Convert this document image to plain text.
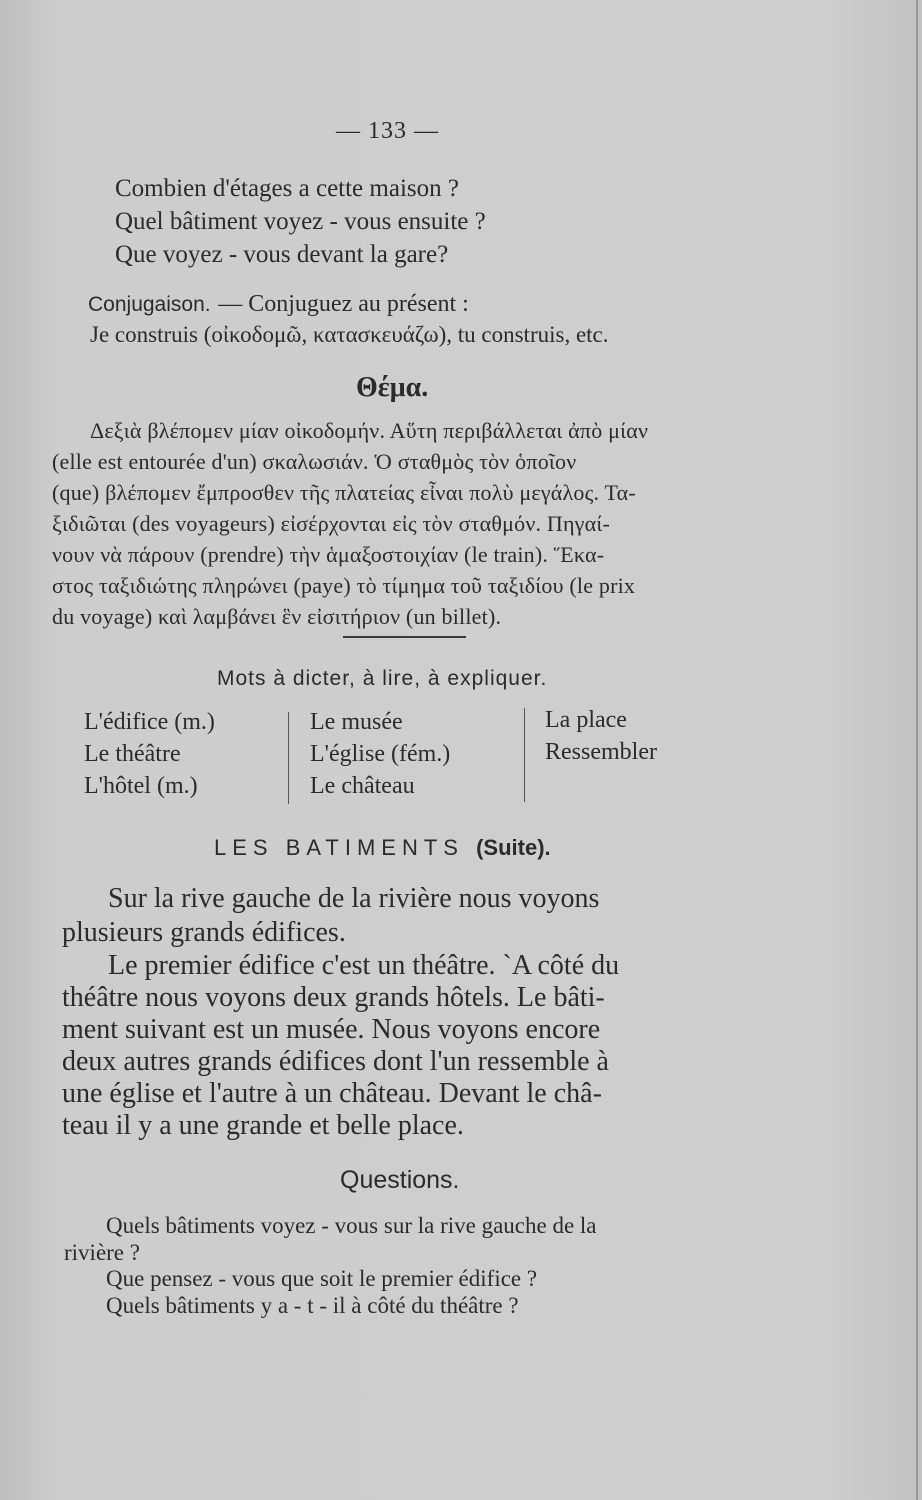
— 133 —
Combien d'étages a cette maison ?
Quel bâtiment voyez - vous ensuite ?
Que voyez - vous devant la gare?
Conjugaison. — Conjuguez au présent :
Je construis (οἰκοδομῶ, κατασκευάζω), tu construis, etc.
Θέμα.
Δεξιὰ βλέπομεν μίαν οἰκοδομήν. Αὕτη περιβάλλεται ἀπὸ μίαν
(elle est entourée d'un) σκαλωσιάν. Ὁ σταθμὸς τὸν ὁποῖον
(que) βλέπομεν ἔμπροσθεν τῆς πλατείας εἶναι πολὺ μεγάλος. Τα-
ξιδιῶται (des voyageurs) εἰσέρχονται εἰς τὸν σταθμόν. Πηγαί-
νουν νὰ πάρουν (prendre) τὴν ἁμαξοστοιχίαν (le train). Ἕκα-
στος ταξιδιώτης πληρώνει (paye) τὸ τίμημα τοῦ ταξιδίου (le prix
du voyage) καὶ λαμβάνει ἓν εἰσιτήριον (un billet).
Mots à dicter, à lire, à expliquer.
L'édifice (m.)
Le théâtre
L'hôtel (m.)
Le musée
L'église (fém.)
Le château
La place
Ressembler
LES BATIMENTS (Suite).
Sur la rive gauche de la rivière nous voyons
plusieurs grands édifices.
Le premier édifice c'est un théâtre. `A côté du
théâtre nous voyons deux grands hôtels. Le bâti-
ment suivant est un musée. Nous voyons encore
deux autres grands édifices dont l'un ressemble à
une église et l'autre à un château. Devant le châ-
teau il y a une grande et belle place.
Questions.
Quels bâtiments voyez - vous sur la rive gauche de la
rivière ?
Que pensez - vous que soit le premier édifice ?
Quels bâtiments y a - t - il à côté du théâtre ?
